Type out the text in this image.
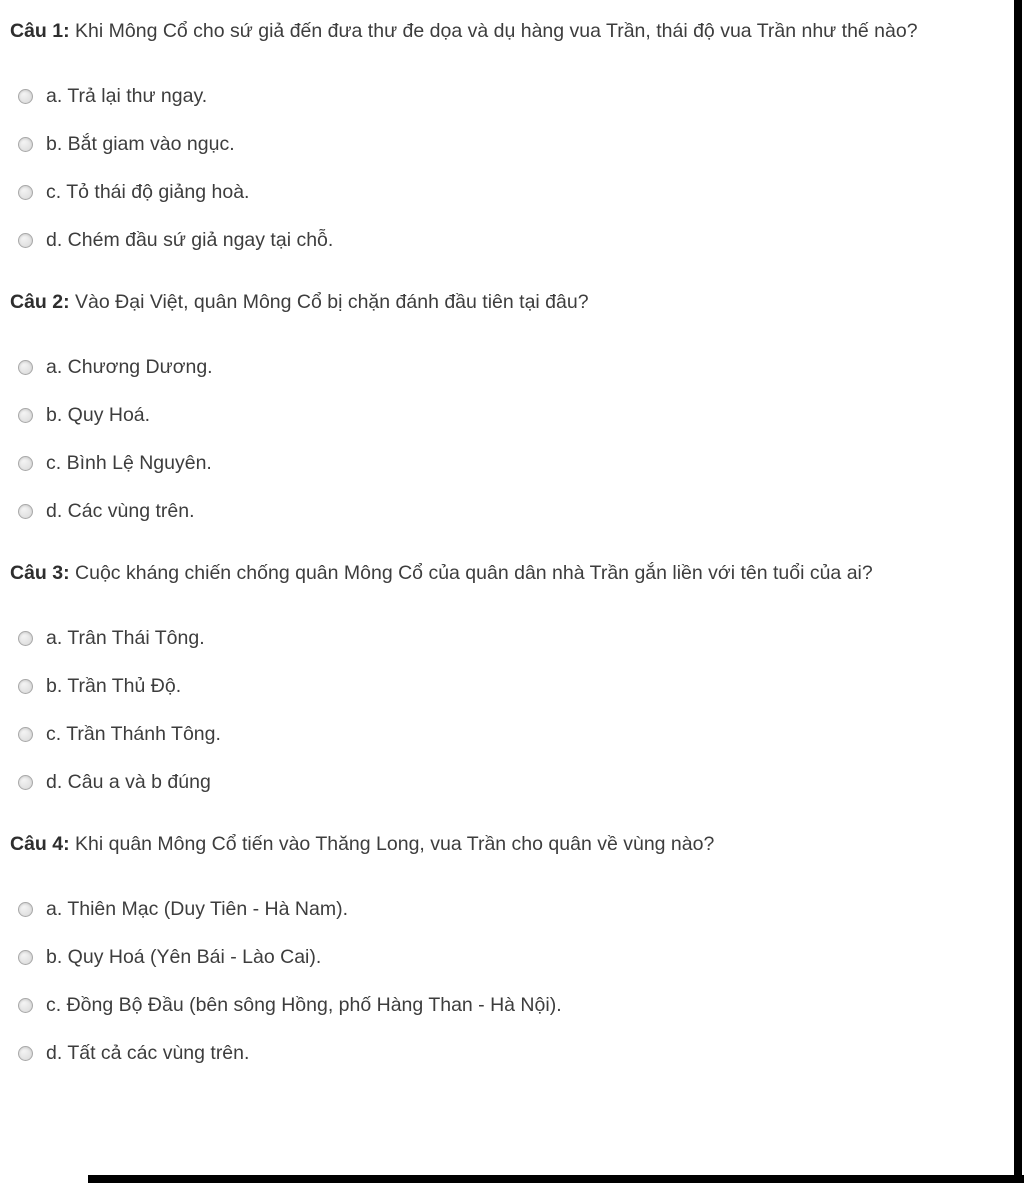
Câu 1: Khi Mông Cổ cho sứ giả đến đưa thư đe dọa và dụ hàng vua Trần, thái độ vua Trần như thế nào?

a. Trả lại thư ngay.
b. Bắt giam vào ngục.
c. Tỏ thái độ giảng hoà.
d. Chém đầu sứ giả ngay tại chỗ.

Câu 2: Vào Đại Việt, quân Mông Cổ bị chặn đánh đầu tiên tại đâu?

a. Chương Dương.
b. Quy Hoá.
c. Bình Lệ Nguyên.
d. Các vùng trên.

Câu 3: Cuộc kháng chiến chống quân Mông Cổ của quân dân nhà Trần gắn liền với tên tuổi của ai?

a. Trân Thái Tông.
b. Trần Thủ Độ.
c. Trần Thánh Tông.
d. Câu a và b đúng

Câu 4: Khi quân Mông Cổ tiến vào Thăng Long, vua Trần cho quân về vùng nào?

a. Thiên Mạc (Duy Tiên - Hà Nam).
b. Quy Hoá (Yên Bái - Lào Cai).
c. Đồng Bộ Đầu (bên sông Hồng, phố Hàng Than - Hà Nội).
d. Tất cả các vùng trên.
